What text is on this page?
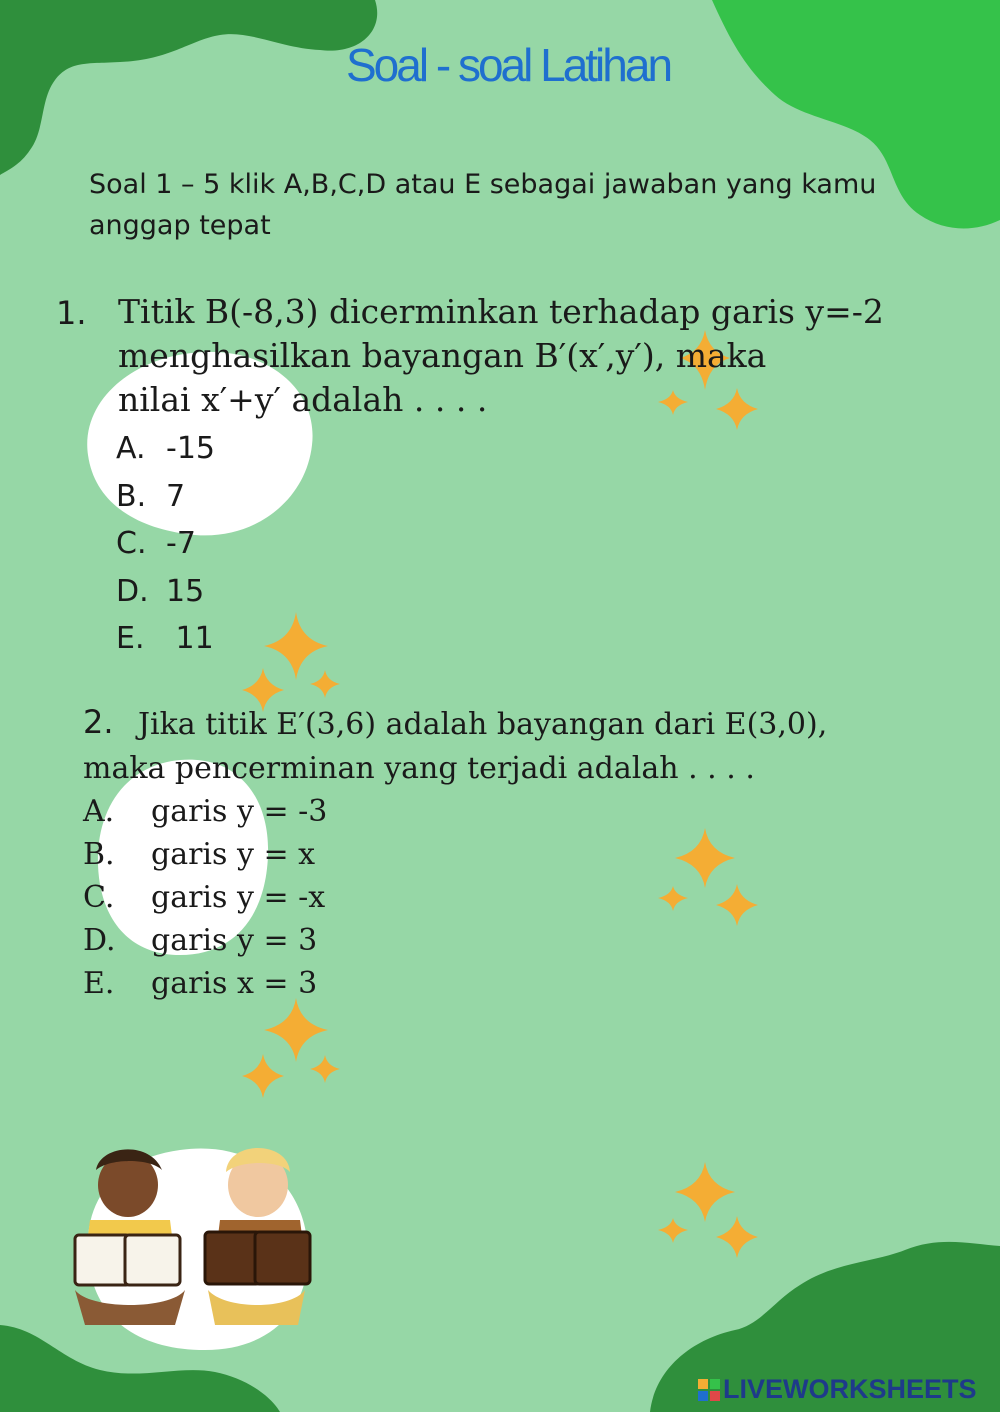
Soal - soal Latihan

Soal 1 – 5 klik A,B,C,D atau E sebagai jawaban yang kamu anggap tepat

1. Titik B(-8,3) dicerminkan terhadap garis y=-2
menghasilkan bayangan B′(x′,y′), maka
nilai x′+y′ adalah . . . .
A. -15
B. 7
C. -7
D. 15
E. 11
2. Jika titik E′(3,6) adalah bayangan dari E(3,0),
maka pencerminan yang terjadi adalah . . . .
A.	garis y = -3
B.	garis y = x
C.	garis y = -x
D.	garis y = 3
E.	garis x = 3
LIVEWORKSHEETS
